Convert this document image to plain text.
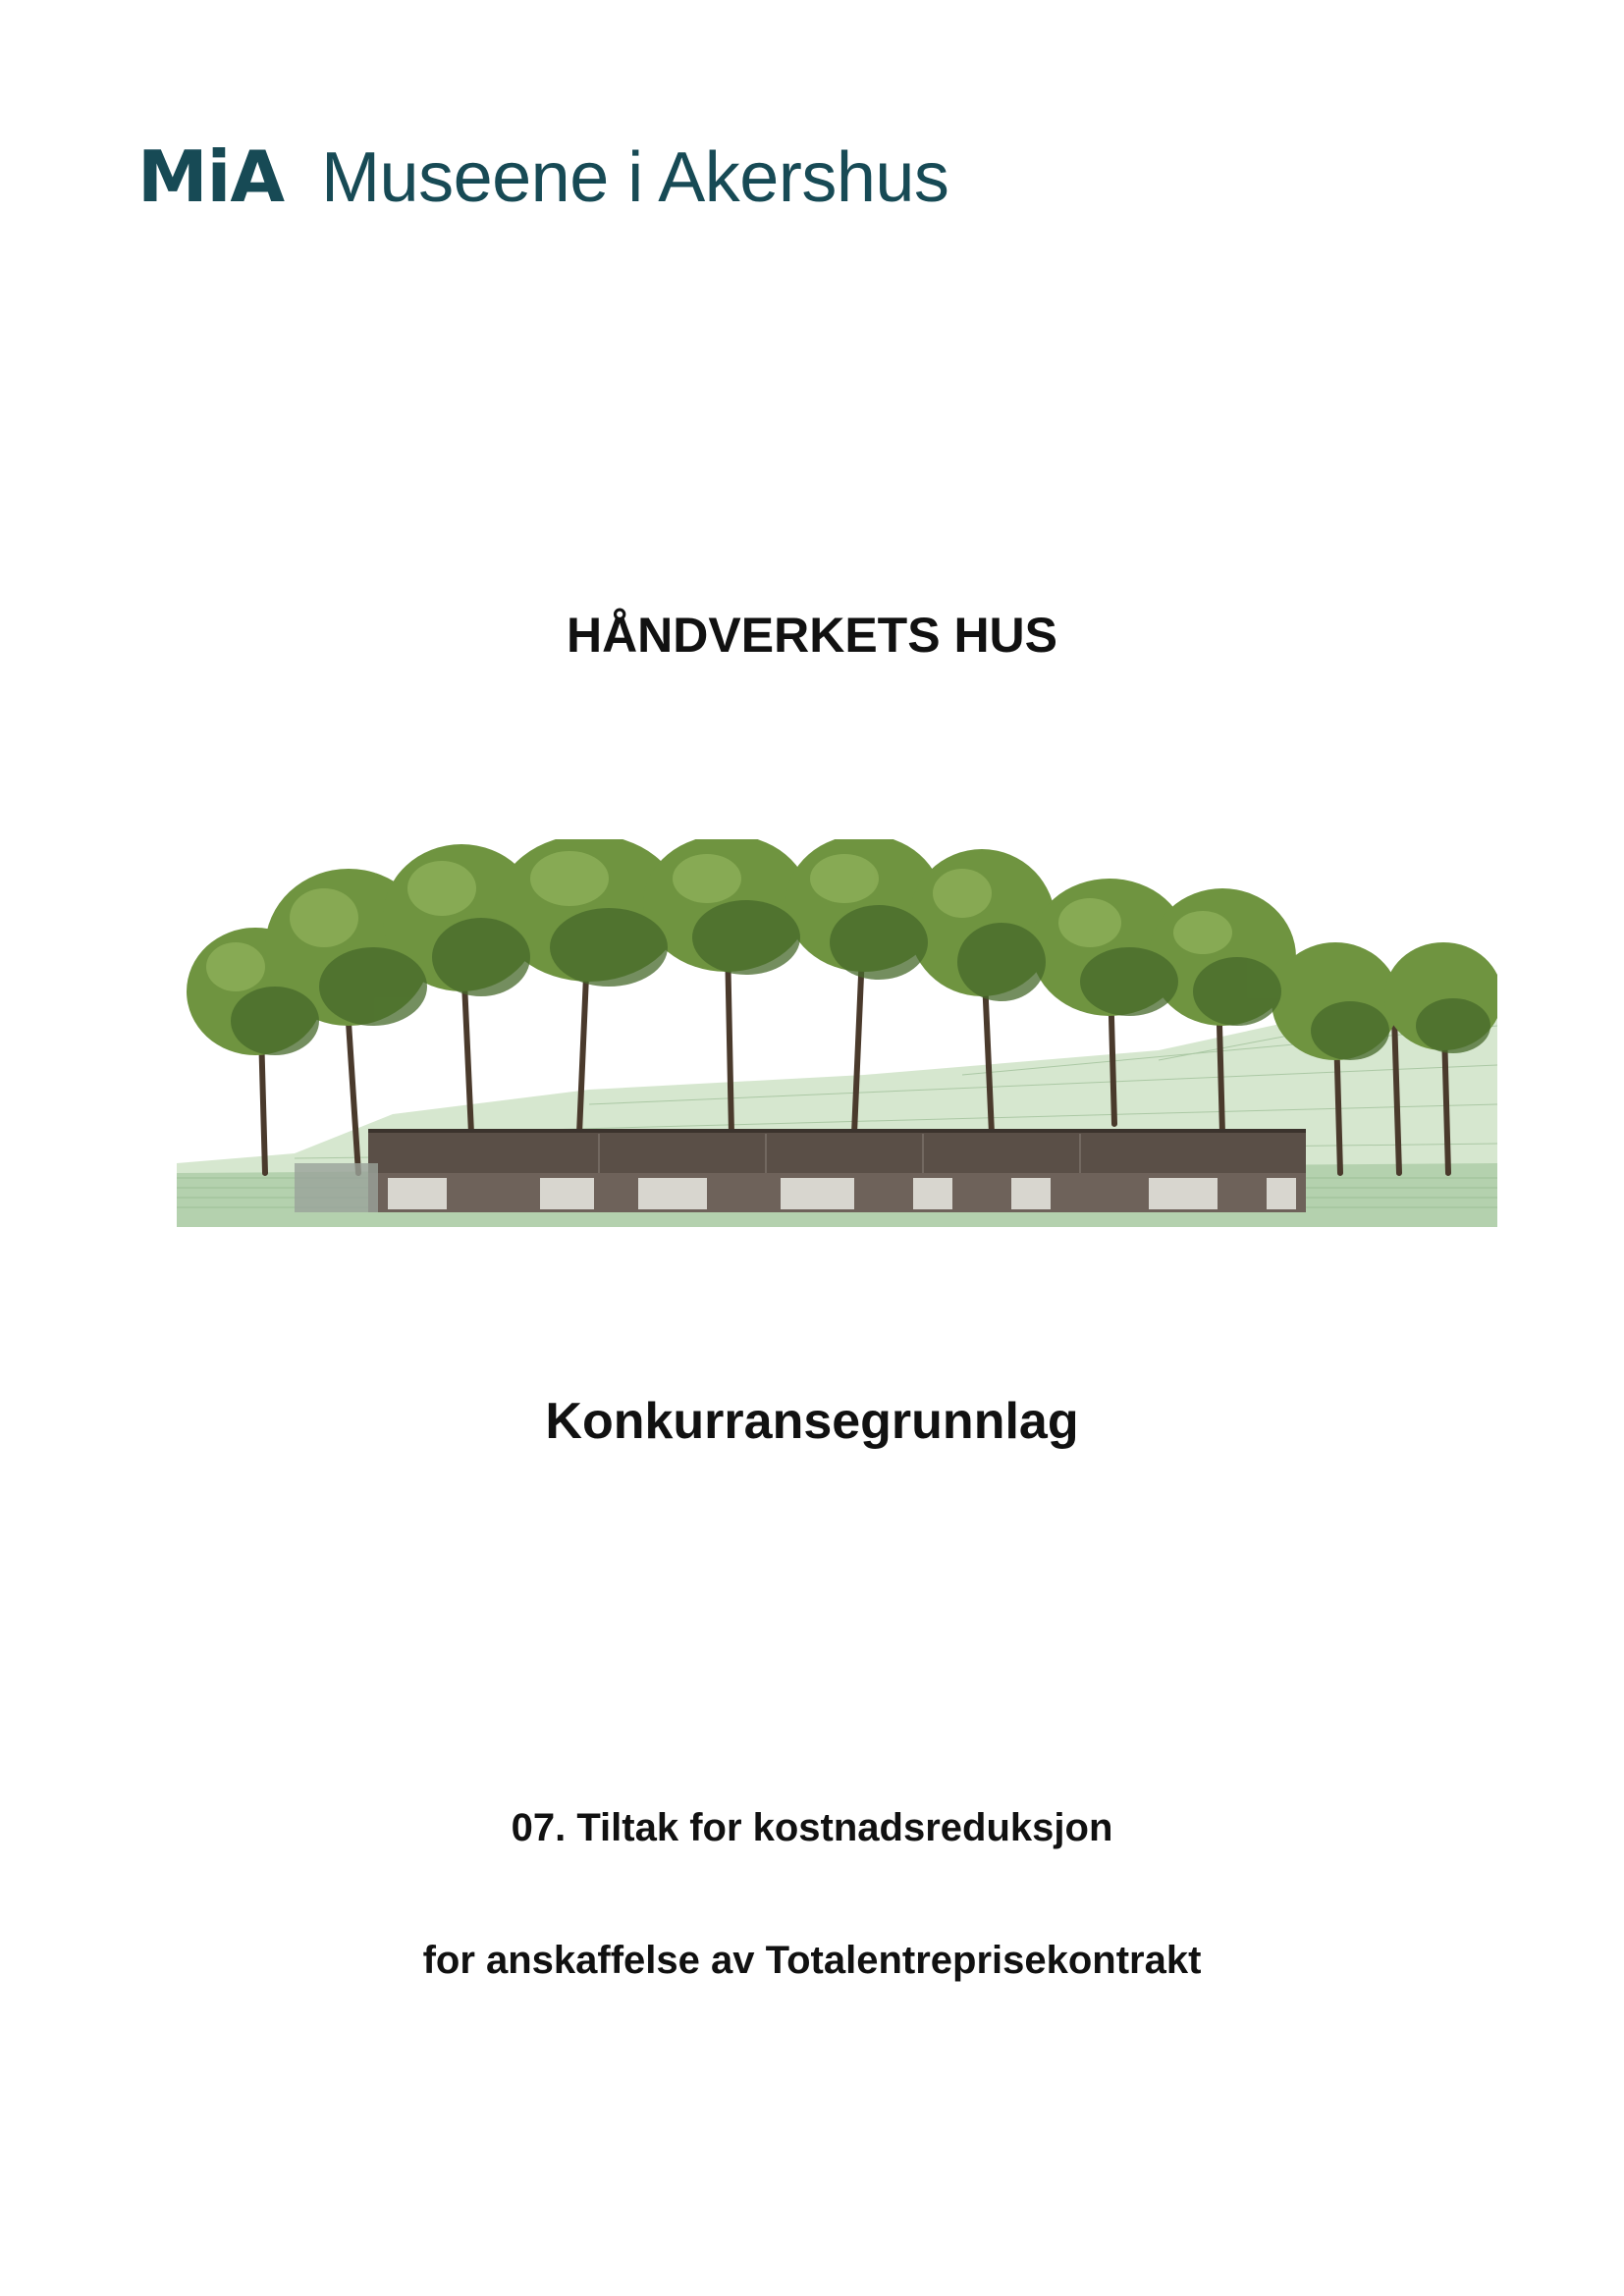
MiA Museene i Akershus
HÅNDVERKETS HUS
Konkurransegrunnlag
07. Tiltak for kostnadsreduksjon
for anskaffelse av Totalentreprisekontrakt
